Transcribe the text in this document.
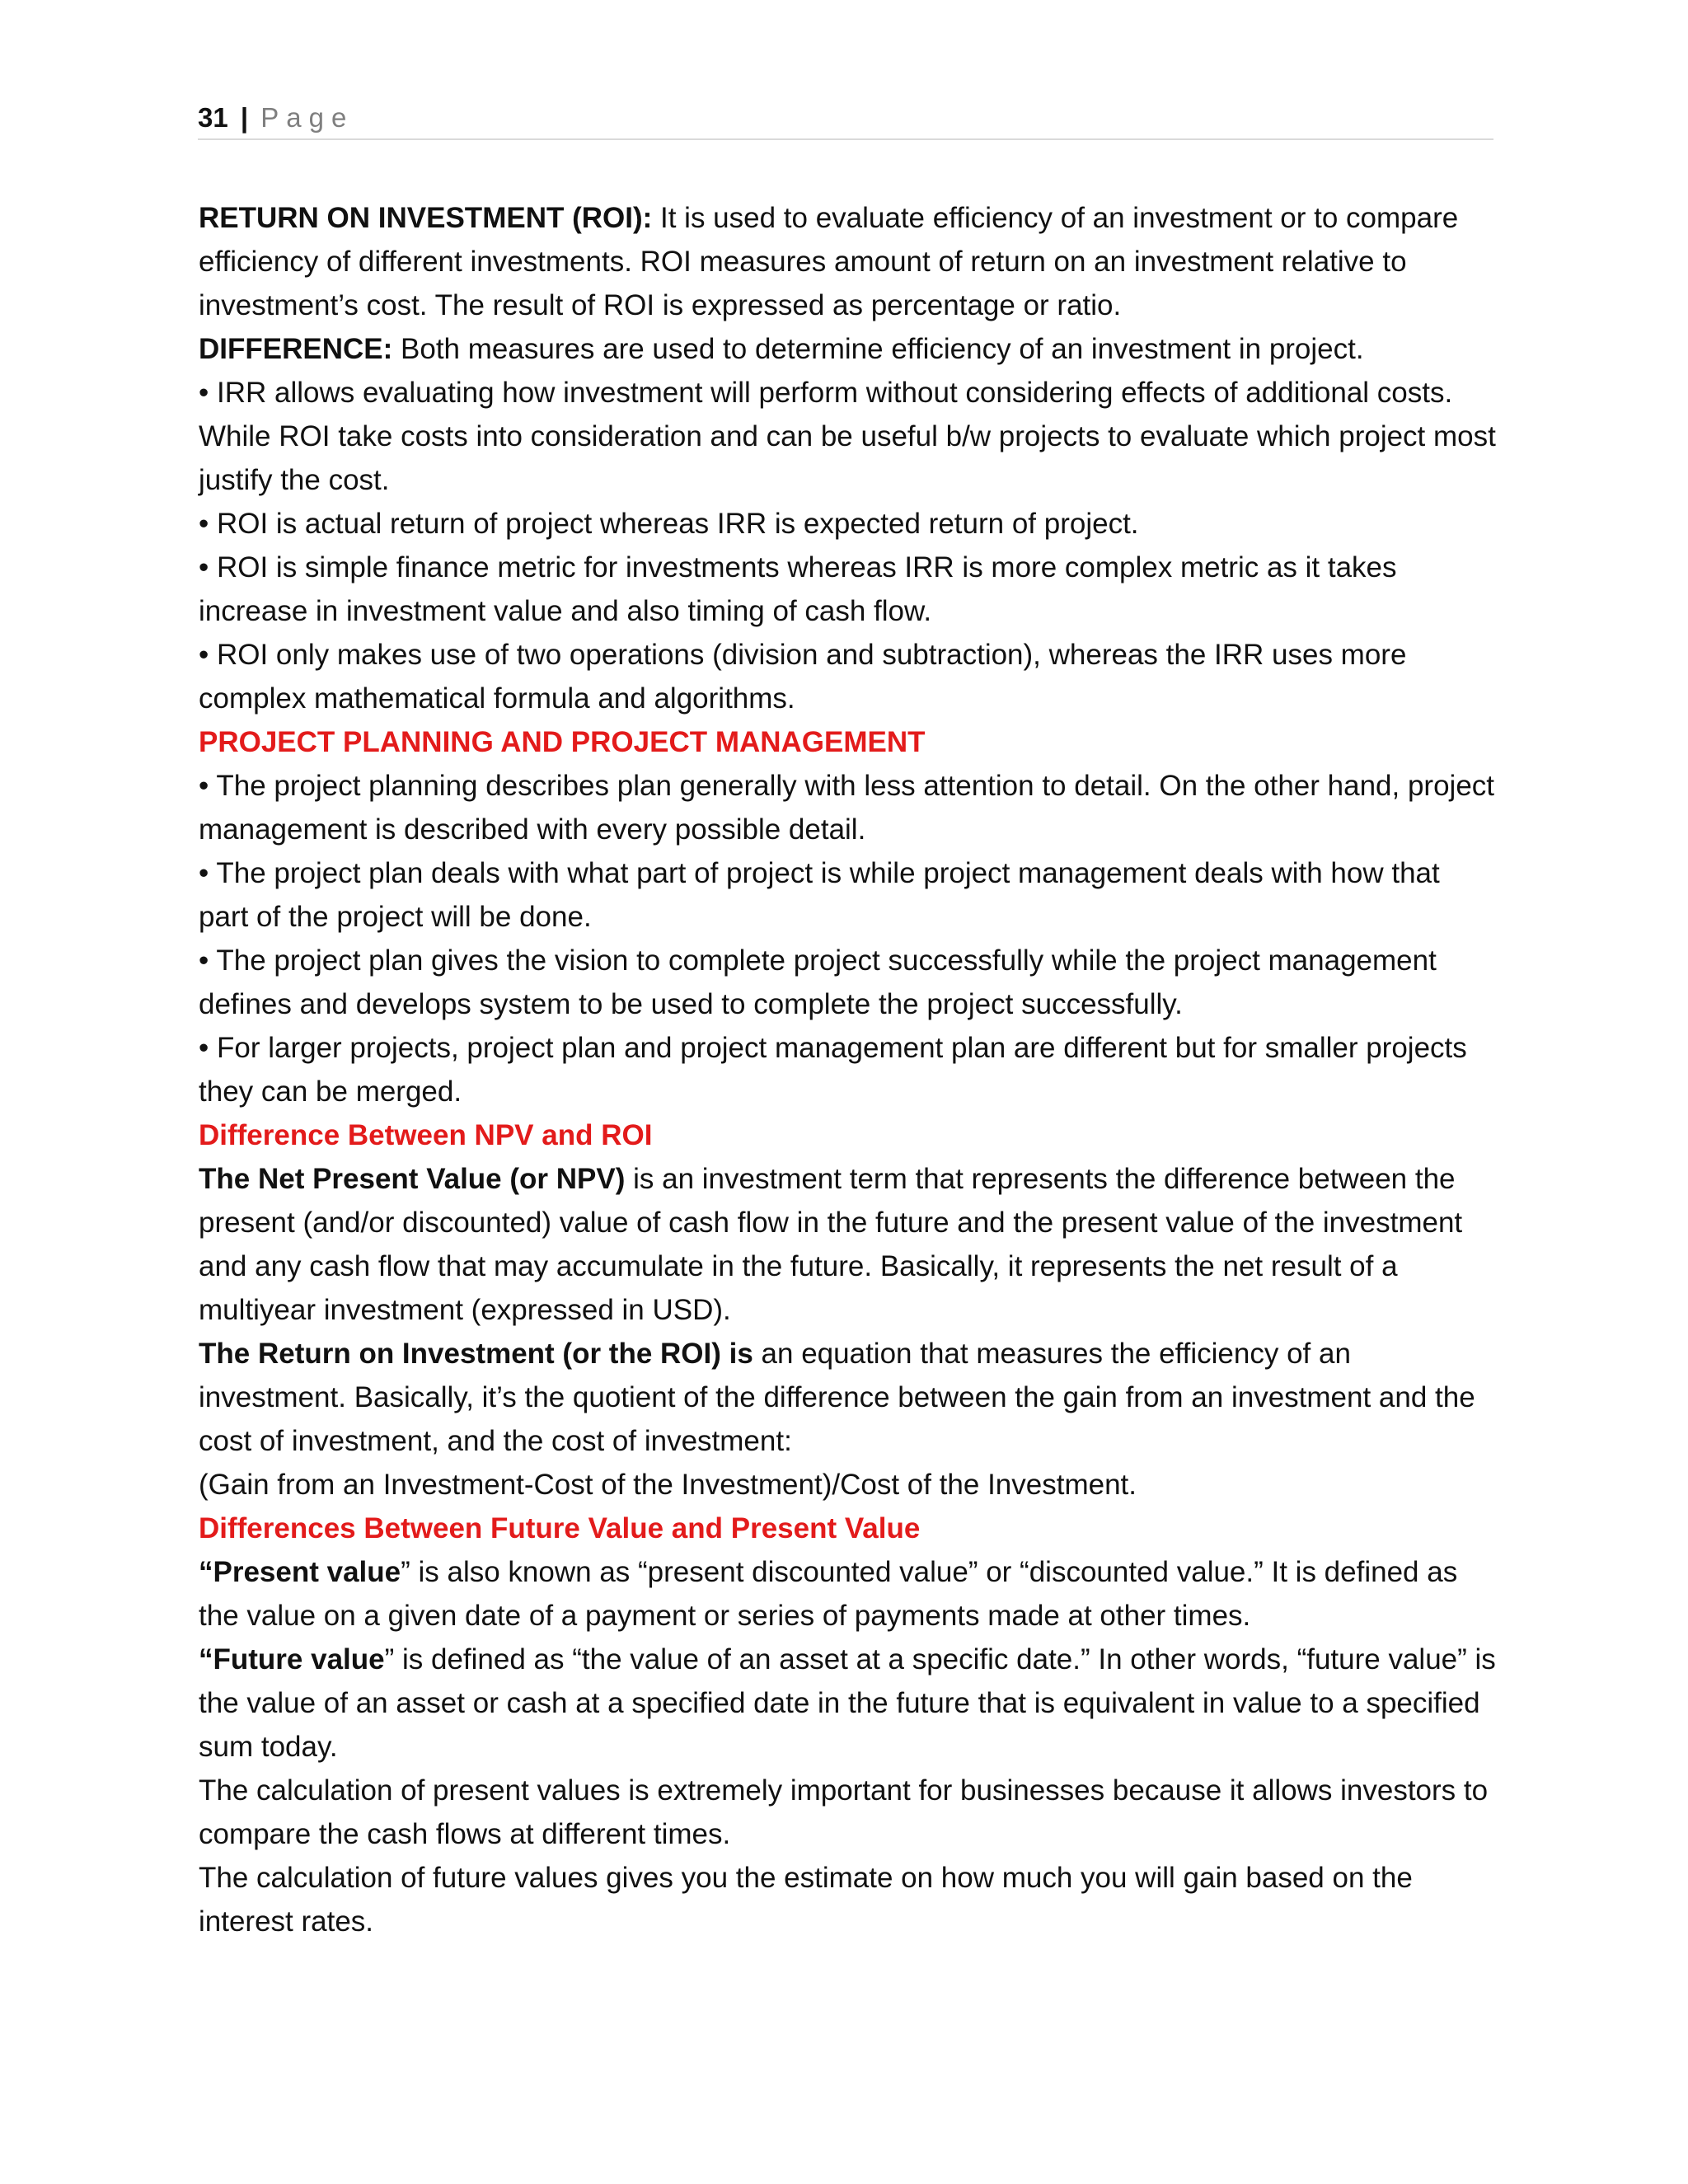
31 | Page

RETURN ON INVESTMENT (ROI): It is used to evaluate efficiency of an investment or to compare efficiency of different investments. ROI measures amount of return on an investment relative to investment’s cost. The result of ROI is expressed as percentage or ratio.

DIFFERENCE: Both measures are used to determine efficiency of an investment in project.

• IRR allows evaluating how investment will perform without considering effects of additional costs. While ROI take costs into consideration and can be useful b/w projects to evaluate which project most justify the cost.

• ROI is actual return of project whereas IRR is expected return of project.

• ROI is simple finance metric for investments whereas IRR is more complex metric as it takes increase in investment value and also timing of cash flow.

• ROI only makes use of two operations (division and subtraction), whereas the IRR uses more complex mathematical formula and algorithms.

PROJECT PLANNING AND PROJECT MANAGEMENT

• The project planning describes plan generally with less attention to detail. On the other hand, project management is described with every possible detail.

• The project plan deals with what part of project is while project management deals with how that part of the project will be done.

• The project plan gives the vision to complete project successfully while the project management defines and develops system to be used to complete the project successfully.

• For larger projects, project plan and project management plan are different but for smaller projects they can be merged.

Difference Between NPV and ROI

The Net Present Value (or NPV) is an investment term that represents the difference between the present (and/or discounted) value of cash flow in the future and the present value of the investment and any cash flow that may accumulate in the future. Basically, it represents the net result of a multiyear investment (expressed in USD).

The Return on Investment (or the ROI) is an equation that measures the efficiency of an investment. Basically, it’s the quotient of the difference between the gain from an investment and the cost of investment, and the cost of investment:

(Gain from an Investment-Cost of the Investment)/Cost of the Investment.

Differences Between Future Value and Present Value

“Present value” is also known as “present discounted value” or “discounted value.” It is defined as the value on a given date of a payment or series of payments made at other times.

“Future value” is defined as “the value of an asset at a specific date.” In other words, “future value” is the value of an asset or cash at a specified date in the future that is equivalent in value to a specified sum today.

The calculation of present values is extremely important for businesses because it allows investors to compare the cash flows at different times.

The calculation of future values gives you the estimate on how much you will gain based on the interest rates.
